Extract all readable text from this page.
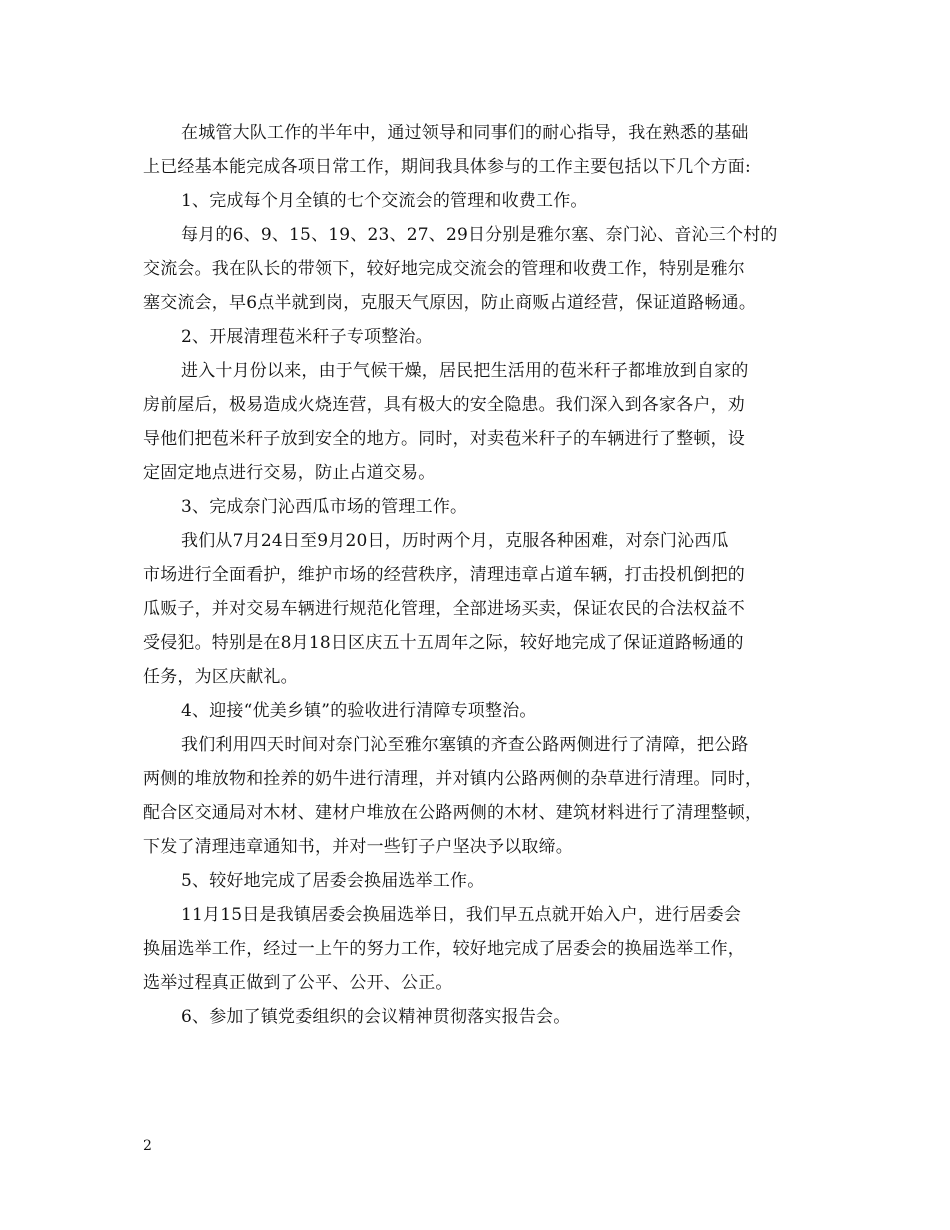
在城管大队工作的半年中，通过领导和同事们的耐心指导，我在熟悉的基础
上已经基本能完成各项日常工作，期间我具体参与的工作主要包括以下几个方面:

1、完成每个月全镇的七个交流会的管理和收费工作。

每月的6、9、15、19、23、27、29日分别是雅尔塞、奈门沁、音沁三个村的
交流会。我在队长的带领下，较好地完成交流会的管理和收费工作，特别是雅尔
塞交流会，早6点半就到岗，克服天气原因，防止商贩占道经营，保证道路畅通。

2、开展清理苞米秆子专项整治。

进入十月份以来，由于气候干燥，居民把生活用的苞米秆子都堆放到自家的
房前屋后，极易造成火烧连营，具有极大的安全隐患。我们深入到各家各户，劝
导他们把苞米秆子放到安全的地方。同时，对卖苞米秆子的车辆进行了整顿，设
定固定地点进行交易，防止占道交易。

3、完成奈门沁西瓜市场的管理工作。

我们从7月24日至9月20日，历时两个月，克服各种困难，对奈门沁西瓜
市场进行全面看护，维护市场的经营秩序，清理违章占道车辆，打击投机倒把的
瓜贩子，并对交易车辆进行规范化管理，全部进场买卖，保证农民的合法权益不
受侵犯。特别是在8月18日区庆五十五周年之际，较好地完成了保证道路畅通的
任务，为区庆献礼。

4、迎接“优美乡镇”的验收进行清障专项整治。

我们利用四天时间对奈门沁至雅尔塞镇的齐查公路两侧进行了清障，把公路
两侧的堆放物和拴养的奶牛进行清理，并对镇内公路两侧的杂草进行清理。同时，
配合区交通局对木材、建材户堆放在公路两侧的木材、建筑材料进行了清理整顿，
下发了清理违章通知书，并对一些钉子户坚决予以取缔。

5、较好地完成了居委会换届选举工作。

11月15日是我镇居委会换届选举日，我们早五点就开始入户，进行居委会
换届选举工作，经过一上午的努力工作，较好地完成了居委会的换届选举工作，
选举过程真正做到了公平、公开、公正。

6、参加了镇党委组织的会议精神贯彻落实报告会。

2
